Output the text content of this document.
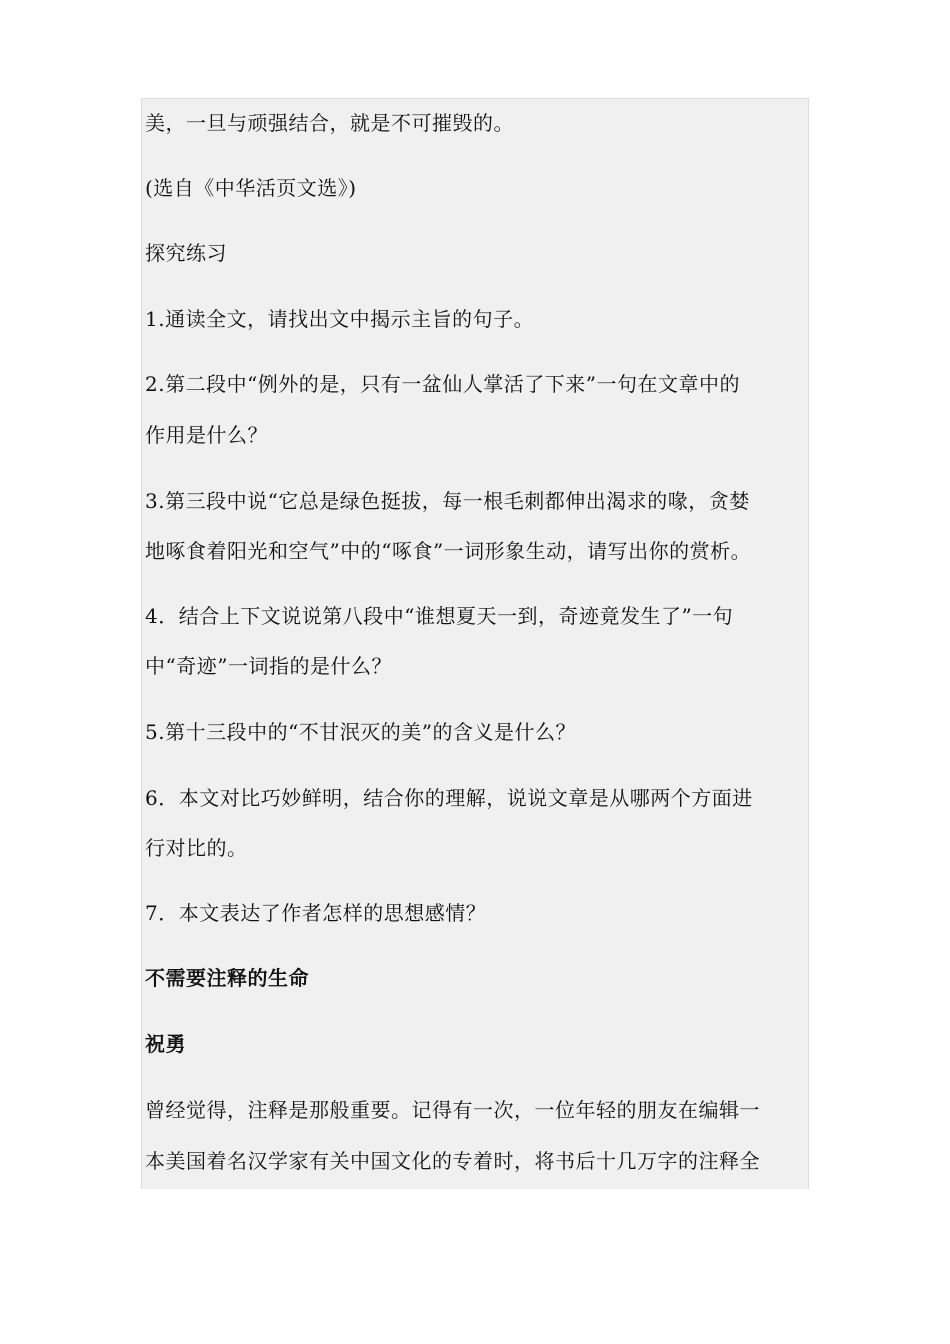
美，一旦与顽强结合，就是不可摧毁的。
(选自《中华活页文选》)
探究练习
1.通读全文，请找出文中揭示主旨的句子。
2.第二段中“例外的是，只有一盆仙人掌活了下来”一句在文章中的
作用是什么？
3.第三段中说“它总是绿色挺拔，每一根毛刺都伸出渴求的喙，贪婪
地啄食着阳光和空气”中的“啄食”一词形象生动，请写出你的赏析。
4．结合上下文说说第八段中“谁想夏天一到，奇迹竟发生了”一句
中“奇迹”一词指的是什么？
5.第十三段中的“不甘泯灭的美”的含义是什么？
6．本文对比巧妙鲜明，结合你的理解，说说文章是从哪两个方面进
行对比的。
7．本文表达了作者怎样的思想感情？
不需要注释的生命
祝勇
曾经觉得，注释是那般重要。记得有一次，一位年轻的朋友在编辑一
本美国着名汉学家有关中国文化的专着时，将书后十几万字的注释全
